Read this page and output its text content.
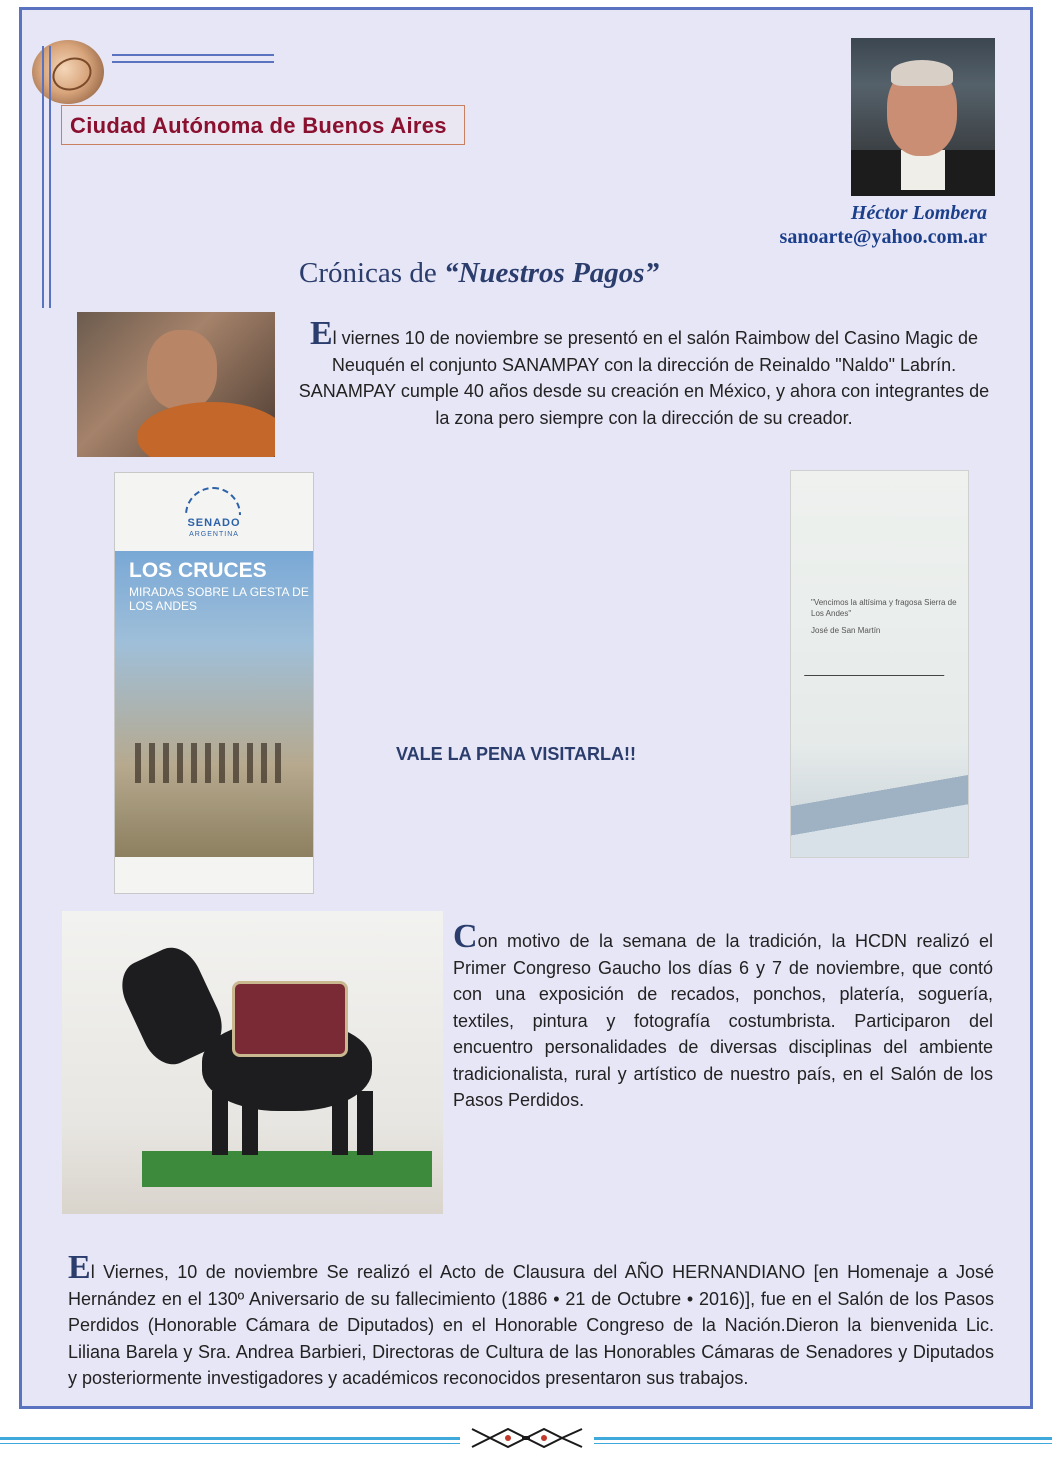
Ciudad Autónoma de Buenos Aires
Héctor Lombera
sanoarte@yahoo.com.ar
Crónicas de “Nuestros Pagos”
El viernes 10 de noviembre se presentó en el salón Raimbow del Casino Magic de Neuquén el conjunto SANAMPAY con la dirección de Reinaldo "Naldo" Labrín. SANAMPAY cumple 40 años desde su creación en México, y ahora con integrantes de la zona pero siempre con la dirección de su creador.
SENADO
ARGENTINA
LOS CRUCES
MIRADAS SOBRE LA GESTA DE LOS ANDES
VALE LA PENA VISITARLA!!
"Vencimos la altísima y fragosa Sierra de Los Andes"
José de San Martín
Con motivo de la semana de la tradición, la HCDN realizó el Primer Congreso Gaucho los días 6 y 7 de noviembre, que contó con una exposición de recados, ponchos, platería, soguería, textiles, pintura y fotografía costumbrista. Participaron del encuentro personalidades de diversas disciplinas del ambiente tradicionalista, rural y artístico de nuestro país, en el Salón de los Pasos Perdidos.
El Viernes, 10 de noviembre Se realizó el Acto de Clausura del AÑO HERNANDIANO [en Homenaje a José Hernández en el 130º Aniversario de su fallecimiento (1886 • 21 de Octubre • 2016)], fue en el Salón de los Pasos Perdidos (Honorable Cámara de Diputados) en el Honorable Congreso de la Nación.Dieron la bienvenida Lic. Liliana Barela y Sra. Andrea Barbieri, Directoras de Cultura de las Honorables Cámaras de Senadores y Diputados y posteriormente investigadores y académicos reconocidos presentaron sus trabajos.
